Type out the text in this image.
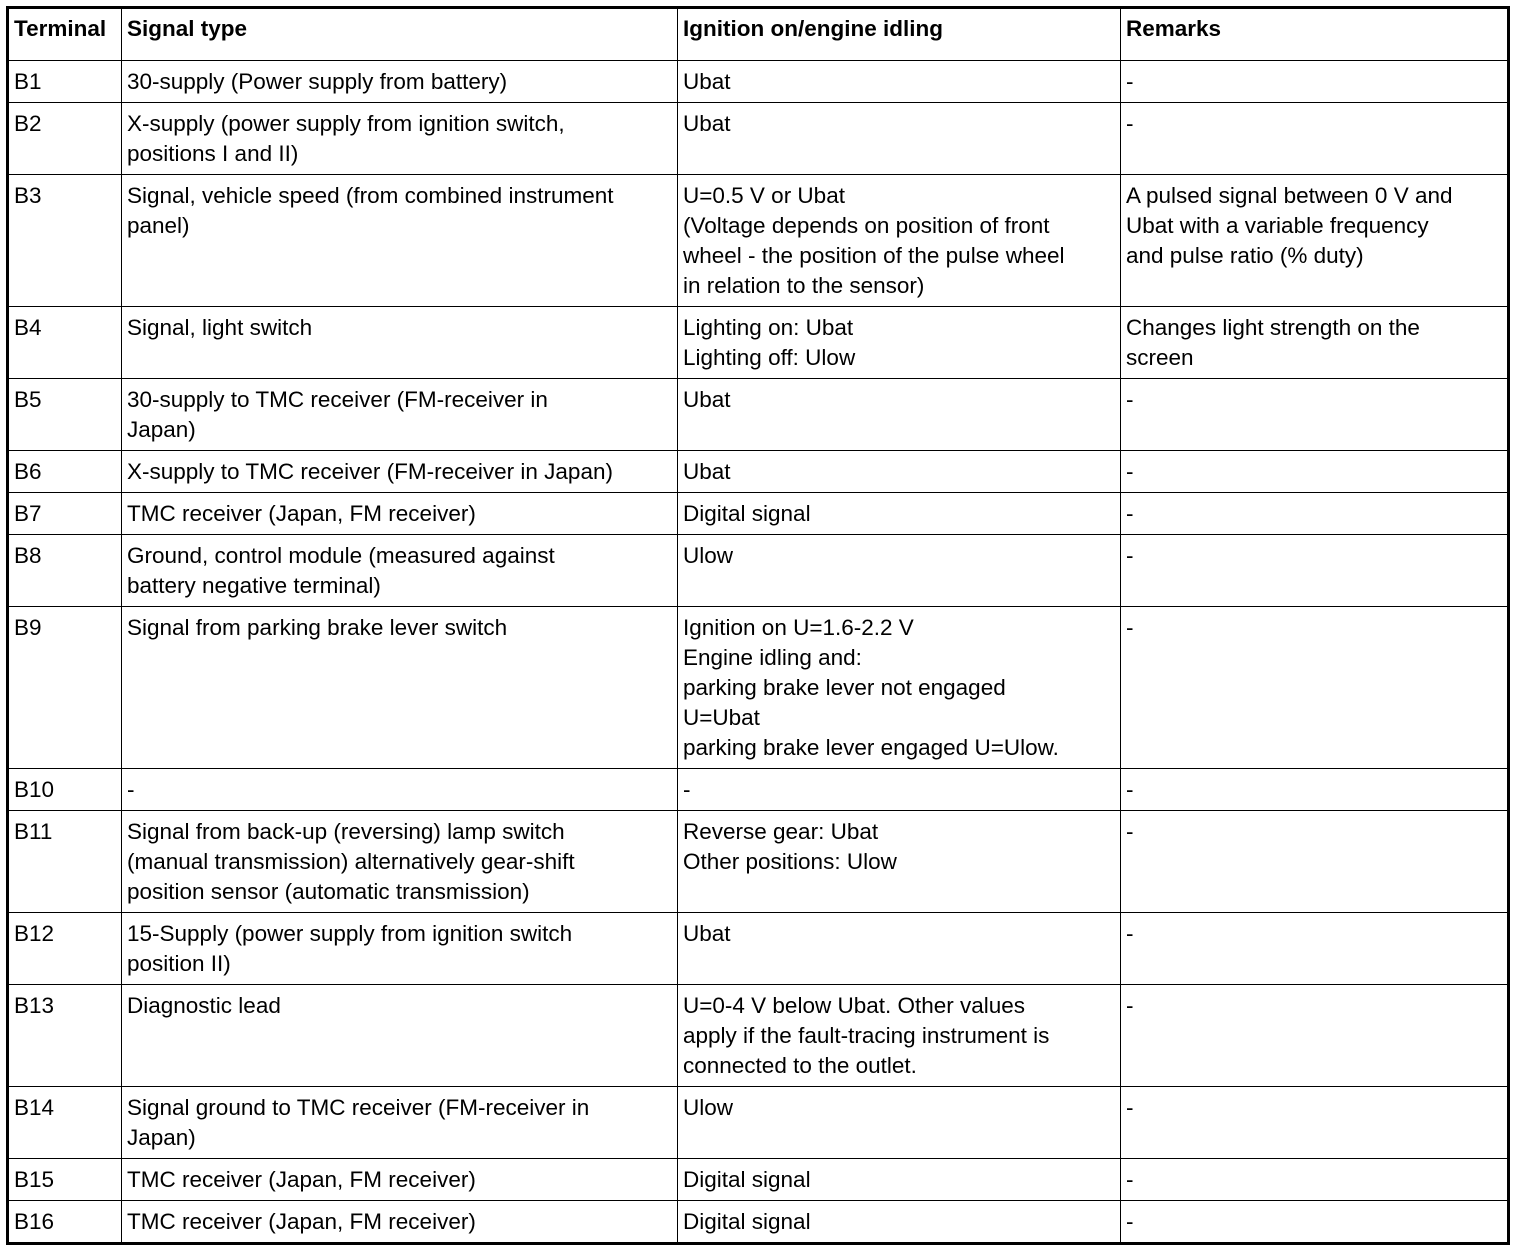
Terminal	Signal type	Ignition on/engine idling	Remarks
B1	30-supply (Power supply from battery)	Ubat	-
B2	X-supply (power supply from ignition switch,
positions I and II)	Ubat	-
B3	Signal, vehicle speed (from combined instrument
panel)	U=0.5 V or Ubat
(Voltage depends on position of front
wheel - the position of the pulse wheel
in relation to the sensor)	A pulsed signal between 0 V and
Ubat with a variable frequency
and pulse ratio (% duty)
B4	Signal, light switch	Lighting on: Ubat
Lighting off: Ulow	Changes light strength on the
screen
B5	30-supply to TMC receiver (FM-receiver in
Japan)	Ubat	-
B6	X-supply to TMC receiver (FM-receiver in Japan)	Ubat	-
B7	TMC receiver (Japan, FM receiver)	Digital signal	-
B8	Ground, control module (measured against
battery negative terminal)	Ulow	-
B9	Signal from parking brake lever switch	Ignition on U=1.6-2.2 V
Engine idling and:
parking brake lever not engaged
U=Ubat
parking brake lever engaged U=Ulow.	-
B10	-	-	-
B11	Signal from back-up (reversing) lamp switch
(manual transmission) alternatively gear-shift
position sensor (automatic transmission)	Reverse gear: Ubat
Other positions: Ulow	-
B12	15-Supply (power supply from ignition switch
position II)	Ubat	-
B13	Diagnostic lead	U=0-4 V below Ubat. Other values
apply if the fault-tracing instrument is
connected to the outlet.	-
B14	Signal ground to TMC receiver (FM-receiver in
Japan)	Ulow	-
B15	TMC receiver (Japan, FM receiver)	Digital signal	-
B16	TMC receiver (Japan, FM receiver)	Digital signal	-
